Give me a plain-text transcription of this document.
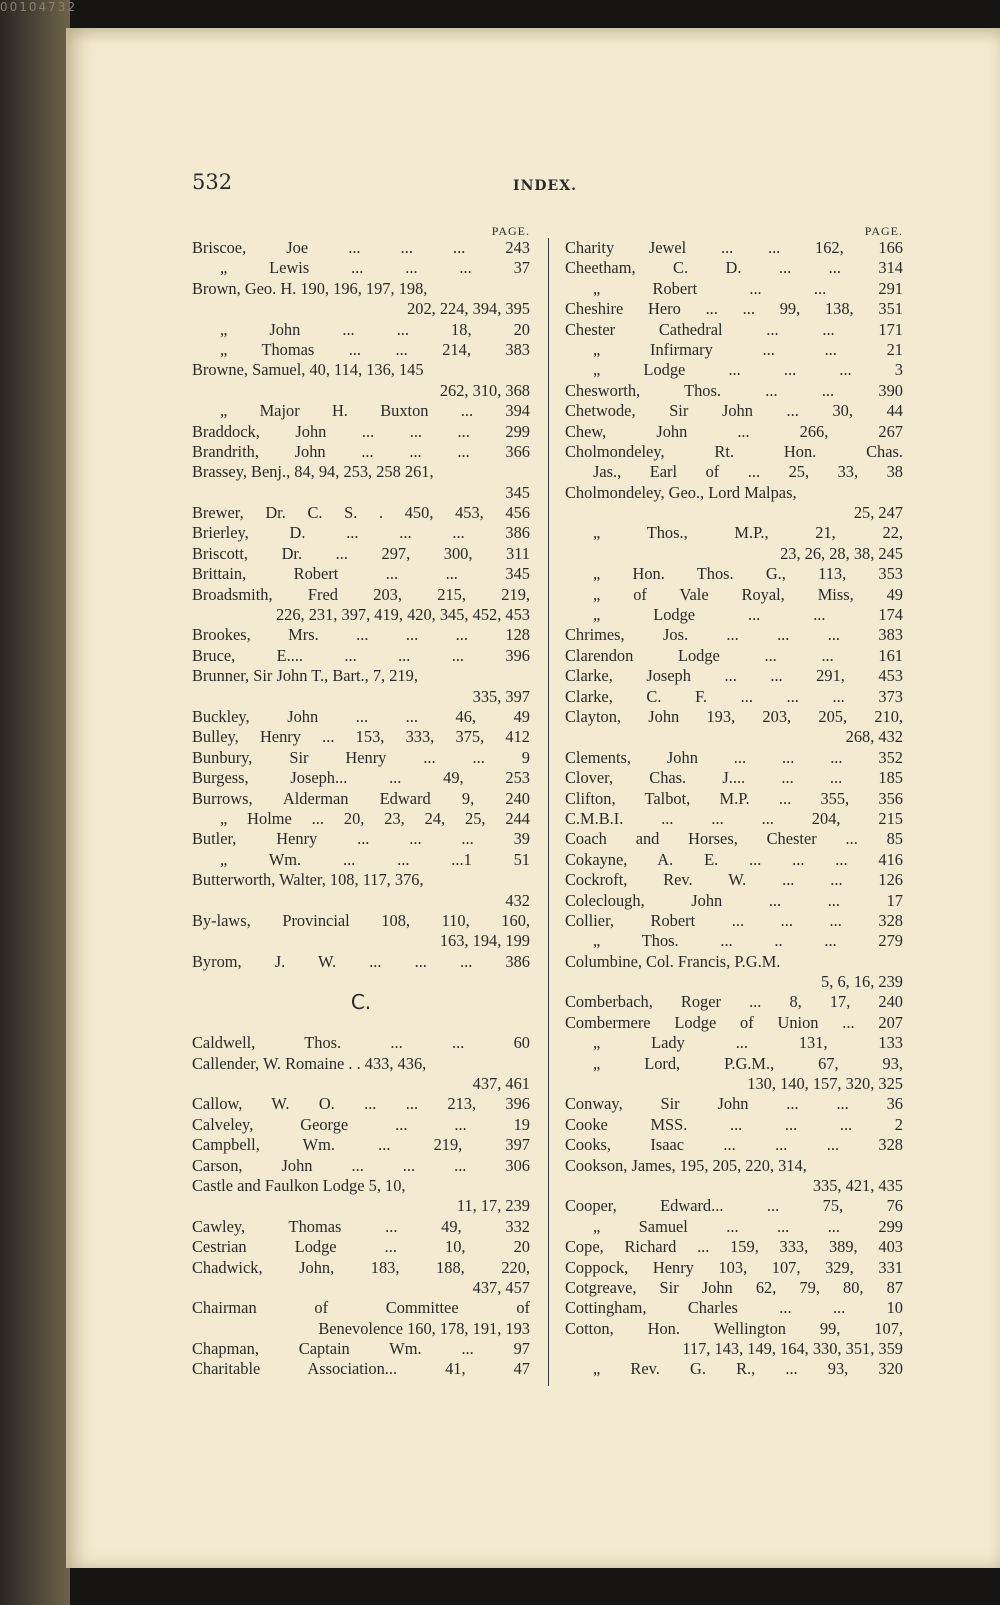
00104732
532	INDEX.
PAGE.
Briscoe, Joe ... ... ... 243
„ Lewis ... ... ... 37
Brown, Geo. H. 190, 196, 197, 198,
202, 224, 394, 395
„ John ... ... 18, 20
„ Thomas ... ... 214, 383
Browne, Samuel, 40, 114, 136, 145
262, 310, 368
„ Major H. Buxton ... 394
Braddock, John ... ... ... 299
Brandrith, John ... ... ... 366
Brassey, Benj., 84, 94, 253, 258 261,
345
Brewer, Dr. C. S. . 450, 453, 456
Brierley, D. ... ... ... 386
Briscott, Dr. ... 297, 300, 311
Brittain, Robert ... ... 345
Broadsmith, Fred 203, 215, 219,
226, 231, 397, 419, 420, 345, 452, 453
Brookes, Mrs. ... ... ... 128
Bruce, E.... ... ... ... 396
Brunner, Sir John T., Bart., 7, 219,
335, 397
Buckley, John ... ... 46, 49
Bulley, Henry ... 153, 333, 375, 412
Bunbury, Sir Henry ... ... 9
Burgess, Joseph... ... 49, 253
Burrows, Alderman Edward 9, 240
„ Holme ... 20, 23, 24, 25, 244
Butler, Henry ... ... ... 39
„ Wm. ... ... ...1 51
Butterworth, Walter, 108, 117, 376,
432
By-laws, Provincial 108, 110, 160,
163, 194, 199
Byrom, J. W. ... ... ... 386
C.
Caldwell, Thos. ... ... 60
Callender, W. Romaine . . 433, 436,
437, 461
Callow, W. O. ... ... 213, 396
Calveley, George ... ... 19
Campbell, Wm. ... 219, 397
Carson, John ... ... ... 306
Castle and Faulkon Lodge 5, 10,
11, 17, 239
Cawley, Thomas ... 49, 332
Cestrian Lodge ... 10, 20
Chadwick, John, 183, 188, 220,
437, 457
Chairman of Committee of
Benevolence 160, 178, 191, 193
Chapman, Captain Wm. ... 97
Charitable Association... 41, 47
PAGE.
Charity Jewel ... ... 162, 166
Cheetham, C. D. ... ... 314
„ Robert ... ... 291
Cheshire Hero ... ... 99, 138, 351
Chester Cathedral ... ... 171
„ Infirmary ... ... 21
„ Lodge ... ... ... 3
Chesworth, Thos. ... ... 390
Chetwode, Sir John ... 30, 44
Chew, John ... 266, 267
Cholmondeley, Rt. Hon. Chas.
Jas., Earl of ... 25, 33, 38
Cholmondeley, Geo., Lord Malpas,
25, 247
„ Thos., M.P., 21, 22,
23, 26, 28, 38, 245
„ Hon. Thos. G., 113, 353
„ of Vale Royal, Miss, 49
„ Lodge ... ... 174
Chrimes, Jos. ... ... ... 383
Clarendon Lodge ... ... 161
Clarke, Joseph ... ... 291, 453
Clarke, C. F. ... ... ... 373
Clayton, John 193, 203, 205, 210,
268, 432
Clements, John ... ... ... 352
Clover, Chas. J.... ... ... 185
Clifton, Talbot, M.P. ... 355, 356
C.M.B.I. ... ... ... 204, 215
Coach and Horses, Chester ... 85
Cokayne, A. E. ... ... ... 416
Cockroft, Rev. W. ... ... 126
Coleclough, John ... ... 17
Collier, Robert ... ... ... 328
„ Thos. ... .. ... 279
Columbine, Col. Francis, P.G.M.
5, 6, 16, 239
Comberbach, Roger ... 8, 17, 240
Combermere Lodge of Union ... 207
„ Lady ... 131, 133
„ Lord, P.G.M., 67, 93,
130, 140, 157, 320, 325
Conway, Sir John ... ... 36
Cooke MSS. ... ... ... 2
Cooks, Isaac ... ... ... 328
Cookson, James, 195, 205, 220, 314,
335, 421, 435
Cooper, Edward... ... 75, 76
„ Samuel ... ... ... 299
Cope, Richard ... 159, 333, 389, 403
Coppock, Henry 103, 107, 329, 331
Cotgreave, Sir John 62, 79, 80, 87
Cottingham, Charles ... ... 10
Cotton, Hon. Wellington 99, 107,
117, 143, 149, 164, 330, 351, 359
„ Rev. G. R., ... 93, 320
